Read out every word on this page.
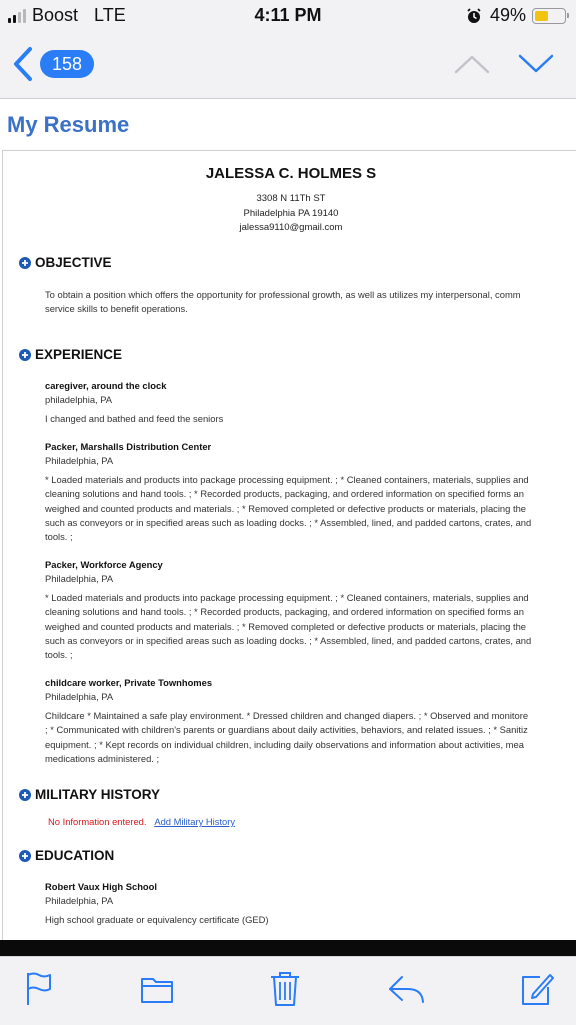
Boost LTE	4:11 PM	49%
158
My Resume
JALESSA C. HOLMES S
3308 N 11Th ST
Philadelphia PA 19140
jalessa9110@gmail.com
OBJECTIVE
To obtain a position which offers the opportunity for professional growth, as well as utilizes my interpersonal, comm
service skills to benefit operations.
EXPERIENCE
caregiver, around the clock
philadelphia, PA
I changed and bathed and feed the seniors
Packer, Marshalls Distribution Center
Philadelphia, PA
* Loaded materials and products into package processing equipment. ; * Cleaned containers, materials, supplies and
cleaning solutions and hand tools. ; * Recorded products, packaging, and ordered information on specified forms an
weighed and counted products and materials. ; * Removed completed or defective products or materials, placing the
such as conveyors or in specified areas such as loading docks. ; * Assembled, lined, and padded cartons, crates, and
tools. ;
Packer, Workforce Agency
Philadelphia, PA
* Loaded materials and products into package processing equipment. ; * Cleaned containers, materials, supplies and
cleaning solutions and hand tools. ; * Recorded products, packaging, and ordered information on specified forms an
weighed and counted products and materials. ; * Removed completed or defective products or materials, placing the
such as conveyors or in specified areas such as loading docks. ; * Assembled, lined, and padded cartons, crates, and
tools. ;
childcare worker, Private Townhomes
Philadelphia, PA
Childcare * Maintained a safe play environment. * Dressed children and changed diapers. ; * Observed and monitore
; * Communicated with children's parents or guardians about daily activities, behaviors, and related issues. ; * Sanitiz
equipment. ; * Kept records on individual children, including daily observations and information about activities, mea
medications administered. ;
MILITARY HISTORY
No Information entered. Add Military History
EDUCATION
Robert Vaux High School
Philadelphia, PA
High school graduate or equivalency certificate (GED)
